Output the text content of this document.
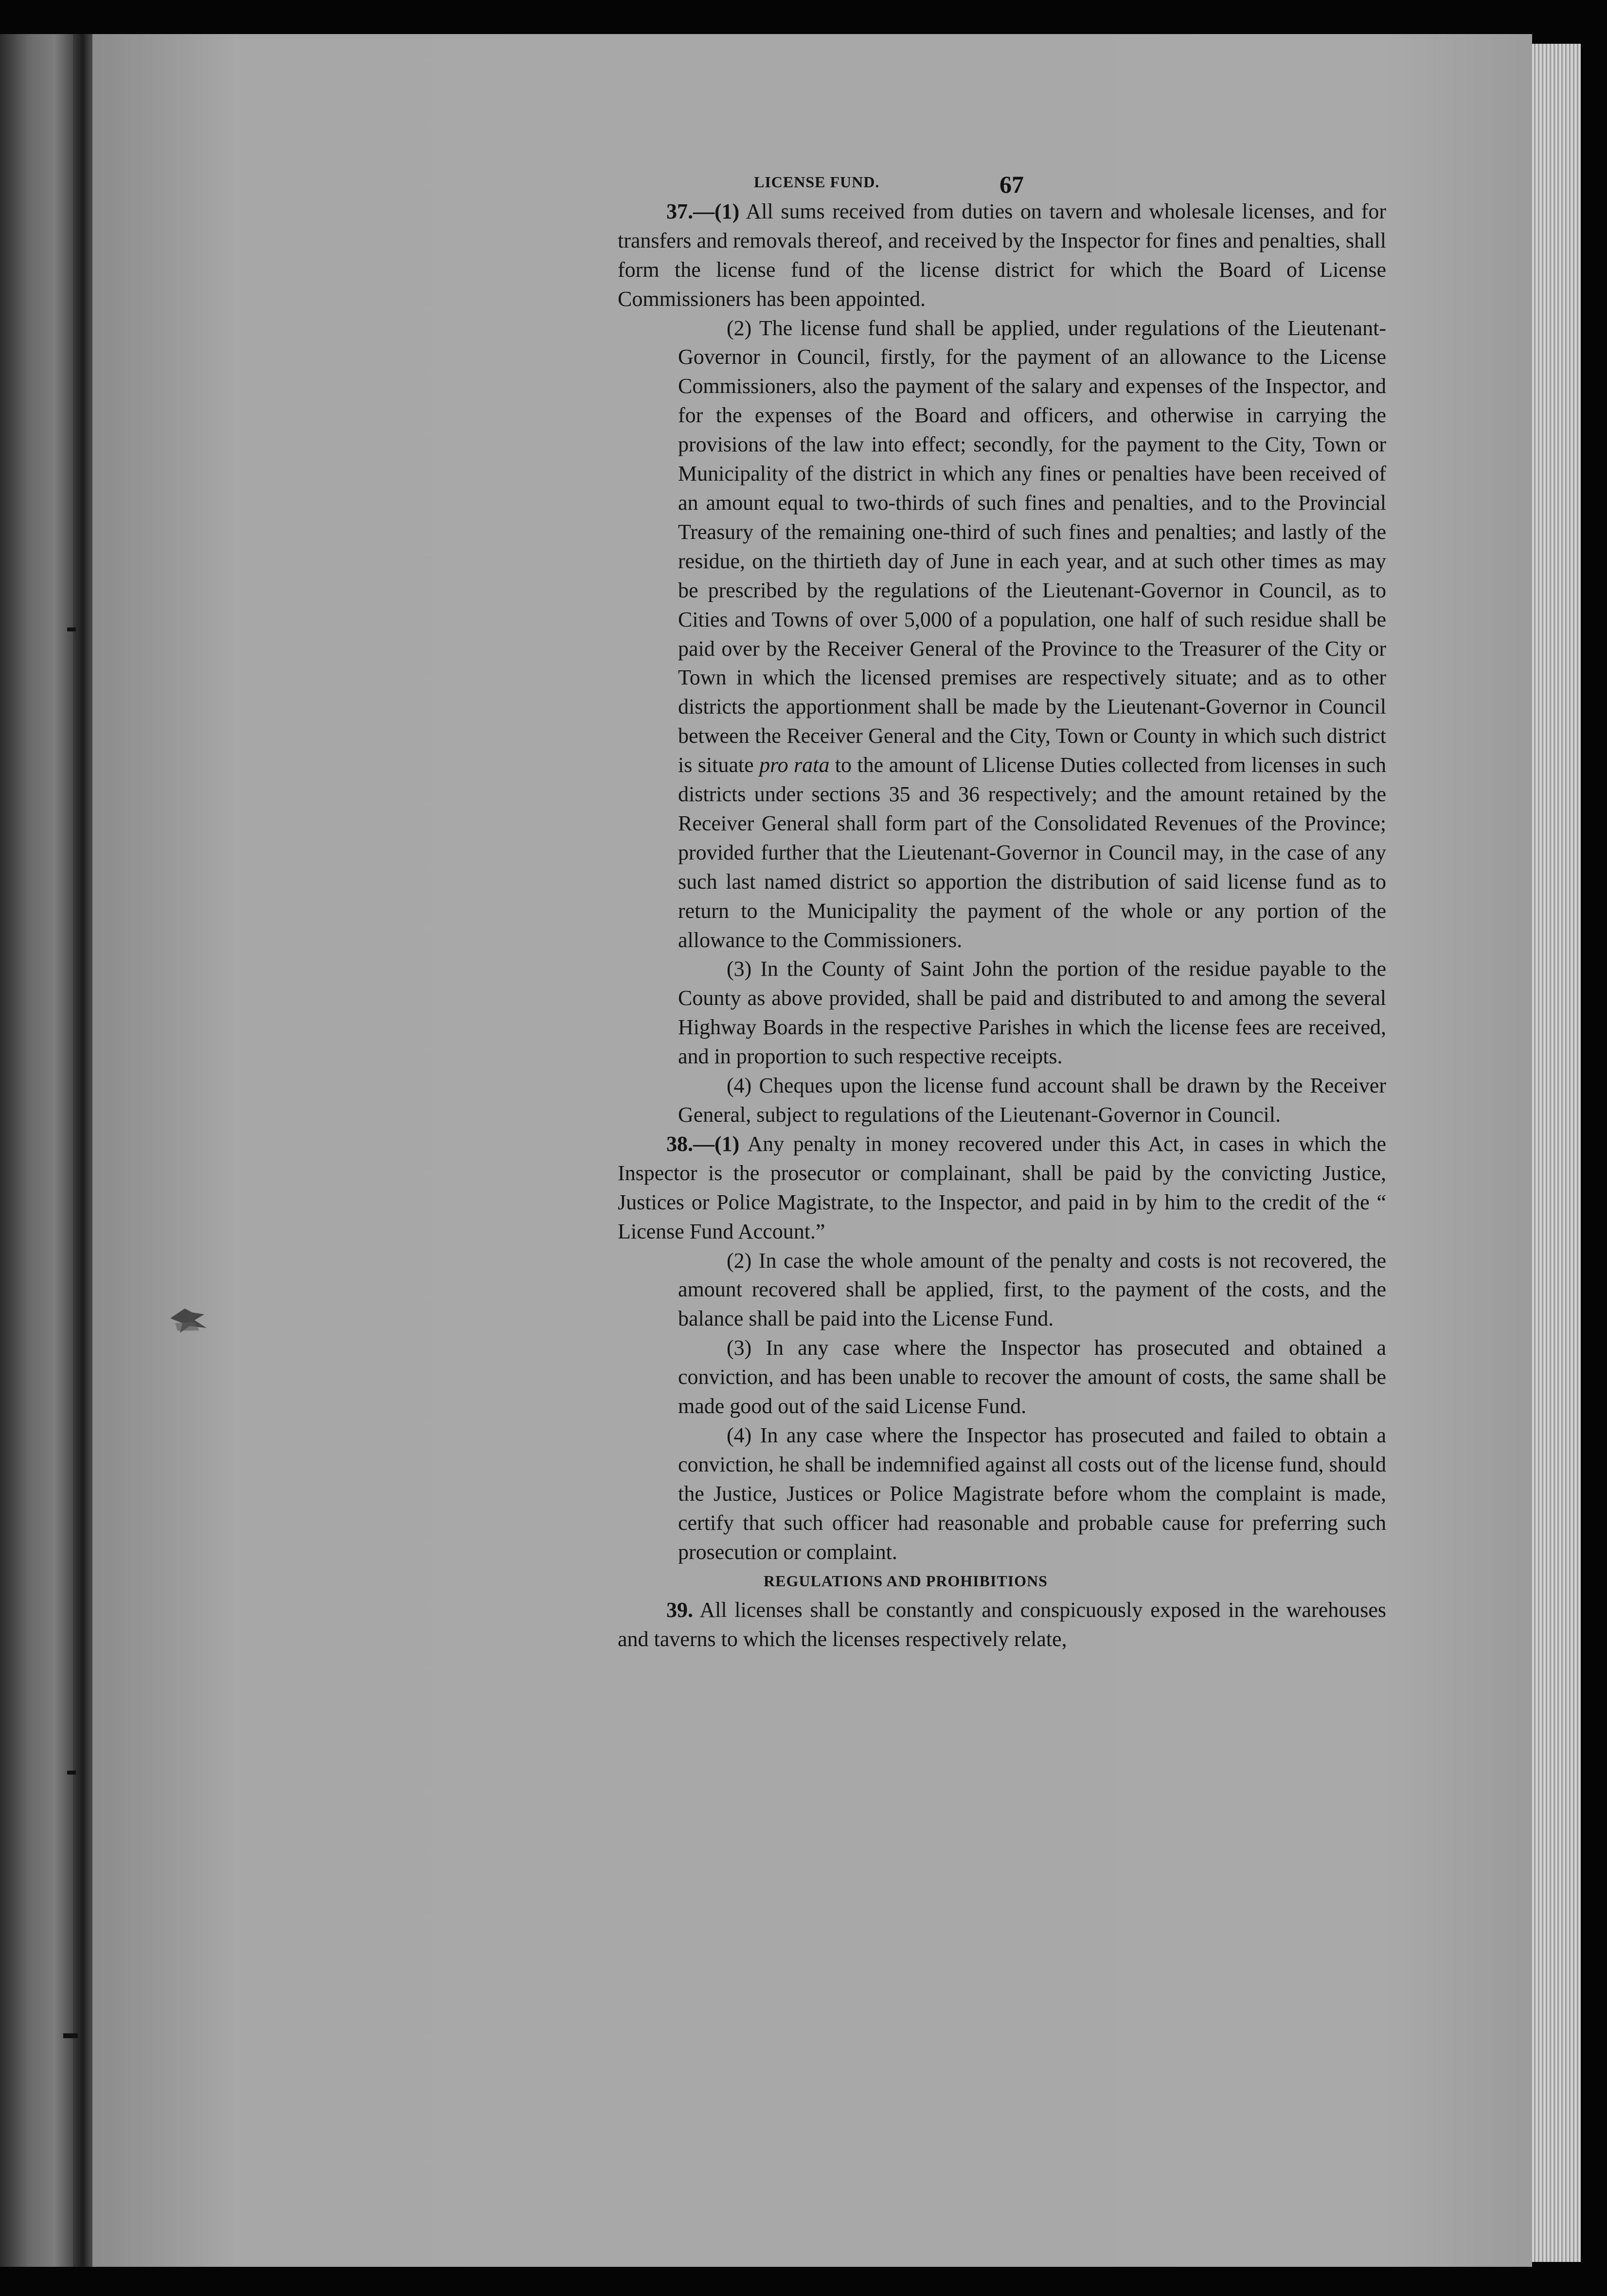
67

LICENSE FUND.

37.—(1) All sums received from duties on tavern and wholesale licenses, and for transfers and removals thereof, and received by the Inspector for fines and penalties, shall form the license fund of the license district for which the Board of License Commissioners has been appointed.

(2) The license fund shall be applied, under regulations of the Lieutenant-Governor in Council, firstly, for the payment of an allowance to the License Commissioners, also the payment of the salary and expenses of the Inspector, and for the expenses of the Board and officers, and otherwise in carrying the provisions of the law into effect; secondly, for the payment to the City, Town or Municipality of the district in which any fines or penalties have been received of an amount equal to two-thirds of such fines and penalties, and to the Provincial Treasury of the remaining one-third of such fines and penalties; and lastly of the residue, on the thirtieth day of June in each year, and at such other times as may be prescribed by the regulations of the Lieutenant-Governor in Council, as to Cities and Towns of over 5,000 of a population, one half of such residue shall be paid over by the Receiver General of the Province to the Treasurer of the City or Town in which the licensed premises are respectively situate; and as to other districts the apportionment shall be made by the Lieutenant-Governor in Council between the Receiver General and the City, Town or County in which such district is situate pro rata to the amount of Llicense Duties collected from licenses in such districts under sections 35 and 36 respectively; and the amount retained by the Receiver General shall form part of the Consolidated Revenues of the Province; provided further that the Lieutenant-Governor in Council may, in the case of any such last named district so apportion the distribution of said license fund as to return to the Municipality the payment of the whole or any portion of the allowance to the Commissioners.

(3) In the County of Saint John the portion of the residue payable to the County as above provided, shall be paid and distributed to and among the several Highway Boards in the respective Parishes in which the license fees are received, and in proportion to such respective receipts.

(4) Cheques upon the license fund account shall be drawn by the Receiver General, subject to regulations of the Lieutenant-Governor in Council.

38.—(1) Any penalty in money recovered under this Act, in cases in which the Inspector is the prosecutor or complainant, shall be paid by the convicting Justice, Justices or Police Magistrate, to the Inspector, and paid in by him to the credit of the “ License Fund Account.”

(2) In case the whole amount of the penalty and costs is not recovered, the amount recovered shall be applied, first, to the payment of the costs, and the balance shall be paid into the License Fund.

(3) In any case where the Inspector has prosecuted and obtained a conviction, and has been unable to recover the amount of costs, the same shall be made good out of the said License Fund.

(4) In any case where the Inspector has prosecuted and failed to obtain a conviction, he shall be indemnified against all costs out of the license fund, should the Justice, Justices or Police Magistrate before whom the complaint is made, certify that such officer had reasonable and probable cause for preferring such prosecution or complaint.

REGULATIONS AND PROHIBITIONS

39. All licenses shall be constantly and conspicuously exposed in the warehouses and taverns to which the licenses respectively relate,
